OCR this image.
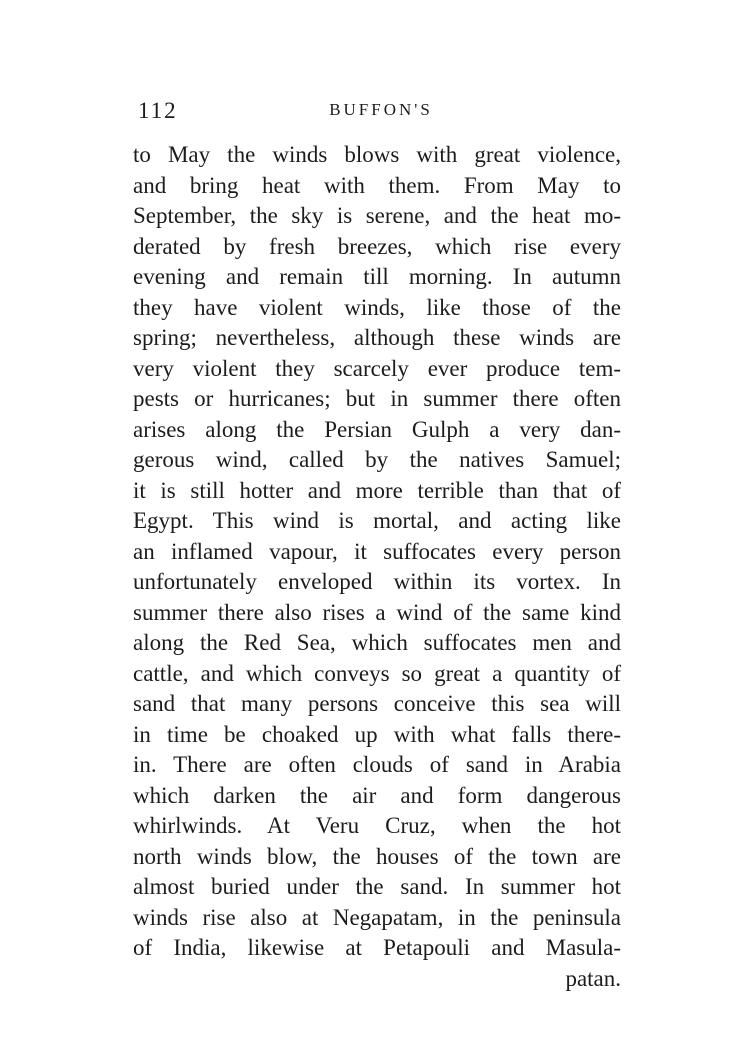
112	BUFFON'S
to May the winds blows with great violence,
and bring heat with them. From May to
September, the sky is serene, and the heat mo-
derated by fresh breezes, which rise every
evening and remain till morning. In autumn
they have violent winds, like those of the
spring; nevertheless, although these winds are
very violent they scarcely ever produce tem-
pests or hurricanes; but in summer there often
arises along the Persian Gulph a very dan-
gerous wind, called by the natives Samuel;
it is still hotter and more terrible than that of
Egypt. This wind is mortal, and acting like
an inflamed vapour, it suffocates every person
unfortunately enveloped within its vortex. In
summer there also rises a wind of the same kind
along the Red Sea, which suffocates men and
cattle, and which conveys so great a quantity of
sand that many persons conceive this sea will
in time be choaked up with what falls there-
in. There are often clouds of sand in Arabia
which darken the air and form dangerous
whirlwinds. At Veru Cruz, when the hot
north winds blow, the houses of the town are
almost buried under the sand. In summer hot
winds rise also at Negapatam, in the peninsula
of India, likewise at Petapouli and Masula-
patan.
